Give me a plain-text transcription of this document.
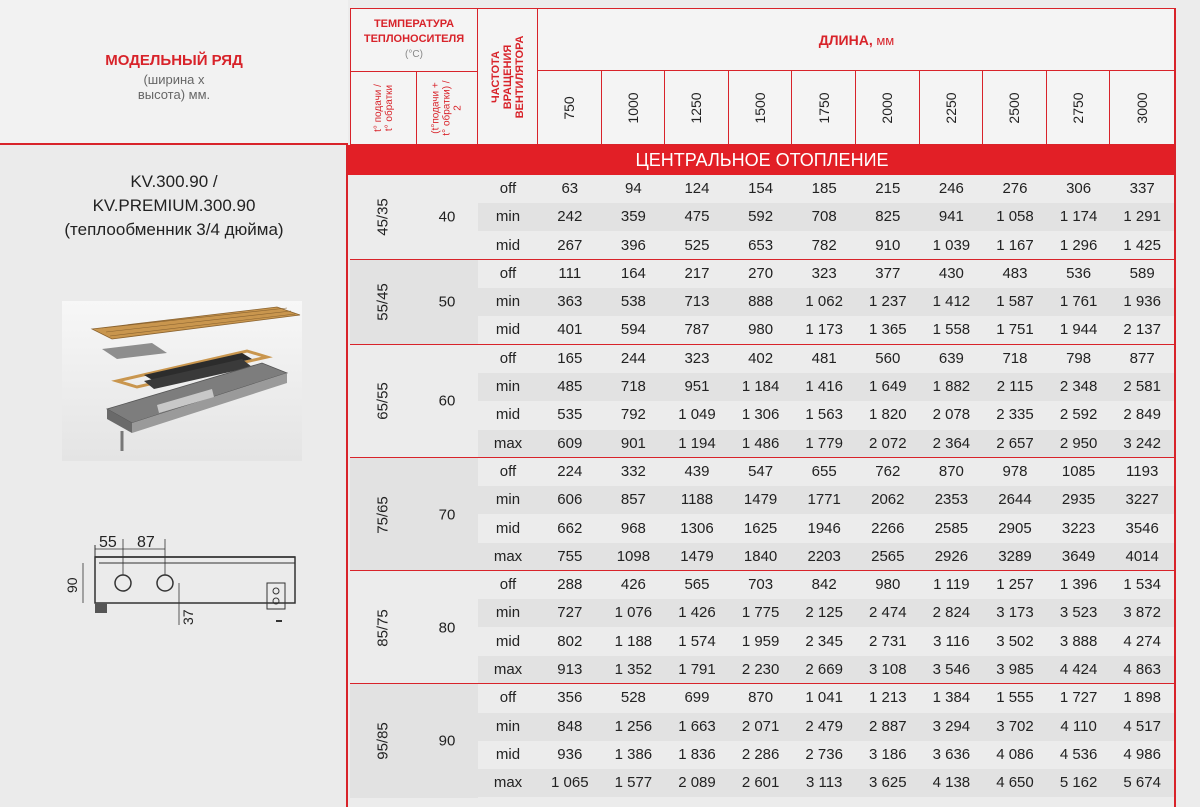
МОДЕЛЬНЫЙ РЯД
(ширина х
высота) мм.
KV.300.90 /
KV.PREMIUM.300.90
(теплообменник 3/4 дюйма)
55 87
90
37
ТЕМПЕРАТУРА
ТЕПЛОНОСИТЕЛЯ
(°C)
t° подачи / t° обратки	(t°подачи + t° обратки) / 2
ЧАСТОТА ВРАЩЕНИЯ ВЕНТИЛЯТОРА	ДЛИНА, мм
750	1000	1250	1500	1750	2000	2250	2500	2750	3000
ЦЕНТРАЛЬНОЕ ОТОПЛЕНИЕ
45/35	40
off	63	94	124	154	185	215	246	276	306	337
min	242	359	475	592	708	825	941	1 058	1 174	1 291
mid	267	396	525	653	782	910	1 039	1 167	1 296	1 425
55/45	50
off	111	164	217	270	323	377	430	483	536	589
min	363	538	713	888	1 062	1 237	1 412	1 587	1 761	1 936
mid	401	594	787	980	1 173	1 365	1 558	1 751	1 944	2 137
65/55	60
off	165	244	323	402	481	560	639	718	798	877
min	485	718	951	1 184	1 416	1 649	1 882	2 115	2 348	2 581
mid	535	792	1 049	1 306	1 563	1 820	2 078	2 335	2 592	2 849
max	609	901	1 194	1 486	1 779	2 072	2 364	2 657	2 950	3 242
75/65	70
off	224	332	439	547	655	762	870	978	1085	1193
min	606	857	1188	1479	1771	2062	2353	2644	2935	3227
mid	662	968	1306	1625	1946	2266	2585	2905	3223	3546
max	755	1098	1479	1840	2203	2565	2926	3289	3649	4014
85/75	80
off	288	426	565	703	842	980	1 119	1 257	1 396	1 534
min	727	1 076	1 426	1 775	2 125	2 474	2 824	3 173	3 523	3 872
mid	802	1 188	1 574	1 959	2 345	2 731	3 116	3 502	3 888	4 274
max	913	1 352	1 791	2 230	2 669	3 108	3 546	3 985	4 424	4 863
95/85	90
off	356	528	699	870	1 041	1 213	1 384	1 555	1 727	1 898
min	848	1 256	1 663	2 071	2 479	2 887	3 294	3 702	4 110	4 517
mid	936	1 386	1 836	2 286	2 736	3 186	3 636	4 086	4 536	4 986
max	1 065	1 577	2 089	2 601	3 113	3 625	4 138	4 650	5 162	5 674
